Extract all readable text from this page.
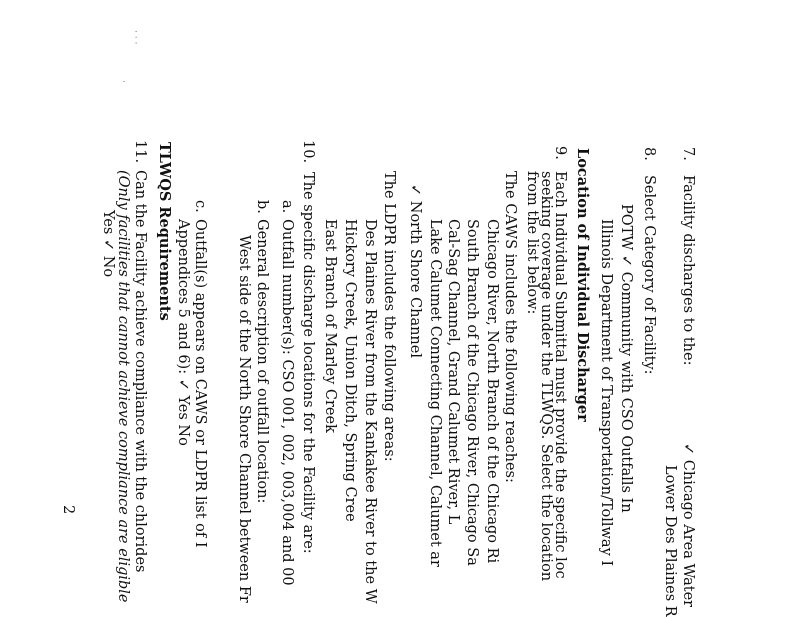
· · ·
·
7.
Facility discharges to the:
✓ Chicago Area Water
Lower Des Plaines R
8.
Select Category of Facility:
POTW ✓ Community with CSO Outfalls In
Illinois Department of Transportation/Tollway I
Location of Individual Discharger
9.
Each Individual Submittal must provide the specific loc
seeking coverage under the TLWQS. Select the location
from the list below:
The CAWS includes the following reaches:
Chicago River, North Branch of the Chicago Ri
South Branch of the Chicago River, Chicago Sa
Cal-Sag Channel, Grand Calumet River, L
Lake Calumet Connecting Channel, Calumet ar
✓ North Shore Channel
The LDPR includes the following areas:
Des Plaines River from the Kankakee River to the W
Hickory Creek, Union Ditch, Spring Cree
East Branch of Marley Creek
10.
The specific discharge locations for the Facility are:
a.
Outfall number(s): CSO 001, 002, 003,004 and 00
b.
General description of outfall location:
West side of the North Shore Channel between Fr
c.
Outfall(s) appears on CAWS or LDPR list of I
Appendices 5 and 6): ✓ Yes No
TLWQS Requirements
11.
Can the Facility achieve compliance with the chlorides
(Only facilities that cannot achieve compliance are eligible
Yes ✓ No
2
